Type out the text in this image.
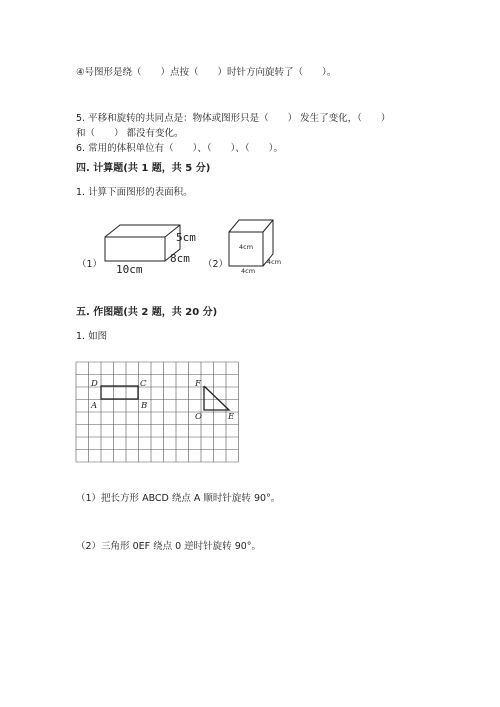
④号图形是绕（　　）点按（　　）时针方向旋转了（　　）。
5. 平移和旋转的共同点是：物体或图形只是（　　） 发生了变化，（　　）
和（　　） 都没有变化。
6. 常用的体积单位有（　　）、（　　）、（　　）。
四. 计算题(共 1 题，共 5 分)
1. 计算下面图形的表面积。
（1）
5cm
8cm
10cm	（2）
4cm
4cm
4cm
五. 作图题(共 2 题，共 20 分)
1. 如图
D	C
A	B
F
O	E
（1）把长方形 ABCD 绕点 A 顺时针旋转 90°。
（2）三角形 0EF 绕点 0 逆时针旋转 90°。
